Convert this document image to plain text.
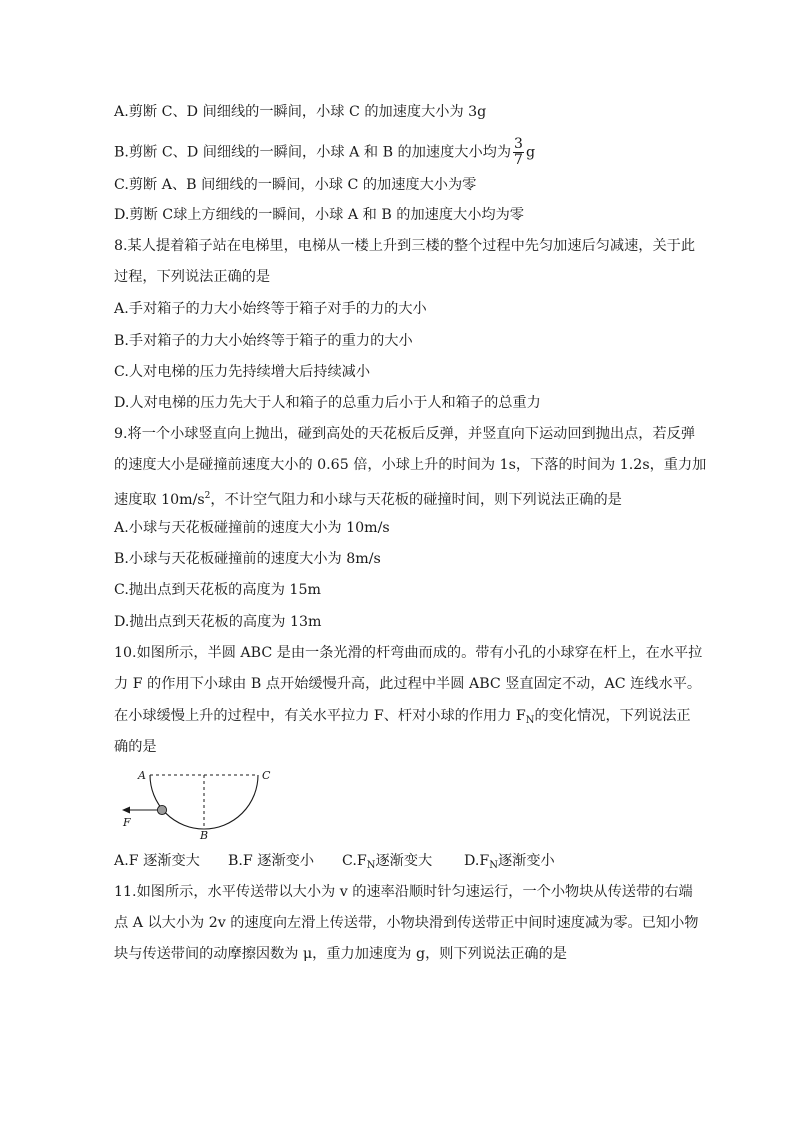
A.剪断 C、D 间细线的一瞬间，小球 C 的加速度大小为 3g
B.剪断 C、D 间细线的一瞬间，小球 A 和 B 的加速度大小均为 $\frac{3}{7}$ g
C.剪断 A、B 间细线的一瞬间，小球 C 的加速度大小为零
D.剪断 C球上方细线的一瞬间，小球 A 和 B 的加速度大小均为零
8.某人提着箱子站在电梯里，电梯从一楼上升到三楼的整个过程中先匀加速后匀减速，关于此
过程，下列说法正确的是
A.手对箱子的力大小始终等于箱子对手的力的大小
B.手对箱子的力大小始终等于箱子的重力的大小
C.人对电梯的压力先持续增大后持续减小
D.人对电梯的压力先大于人和箱子的总重力后小于人和箱子的总重力
9.将一个小球竖直向上抛出，碰到高处的天花板后反弹，并竖直向下运动回到抛出点，若反弹
的速度大小是碰撞前速度大小的 0.65 倍，小球上升的时间为 1s，下落的时间为 1.2s，重力加
速度取 $10m/s^2$，不计空气阻力和小球与天花板的碰撞时间，则下列说法正确的是
A.小球与天花板碰撞前的速度大小为 10m/s
B.小球与天花板碰撞前的速度大小为 8m/s
C.抛出点到天花板的高度为 15m
D.抛出点到天花板的高度为 13m
10.如图所示，半圆 ABC 是由一条光滑的杆弯曲而成的。带有小孔的小球穿在杆上，在水平拉
力 F 的作用下小球由 B 点开始缓慢升高，此过程中半圆 ABC 竖直固定不动，AC 连线水平。
在小球缓慢上升的过程中，有关水平拉力 F、杆对小球的作用力 $F_N$的变化情况，下列说法正
确的是
A	C
B
F
A.F 逐渐变大 B.F 逐渐变小 $C.F_N$逐渐变大 $D.F_N$逐渐变小
11.如图所示，水平传送带以大小为 v 的速率沿顺时针匀速运行，一个小物块从传送带的右端
点 A 以大小为 2v 的速度向左滑上传送带，小物块滑到传送带正中间时速度减为零。已知小物
块与传送带间的动摩擦因数为 μ，重力加速度为 g，则下列说法正确的是
